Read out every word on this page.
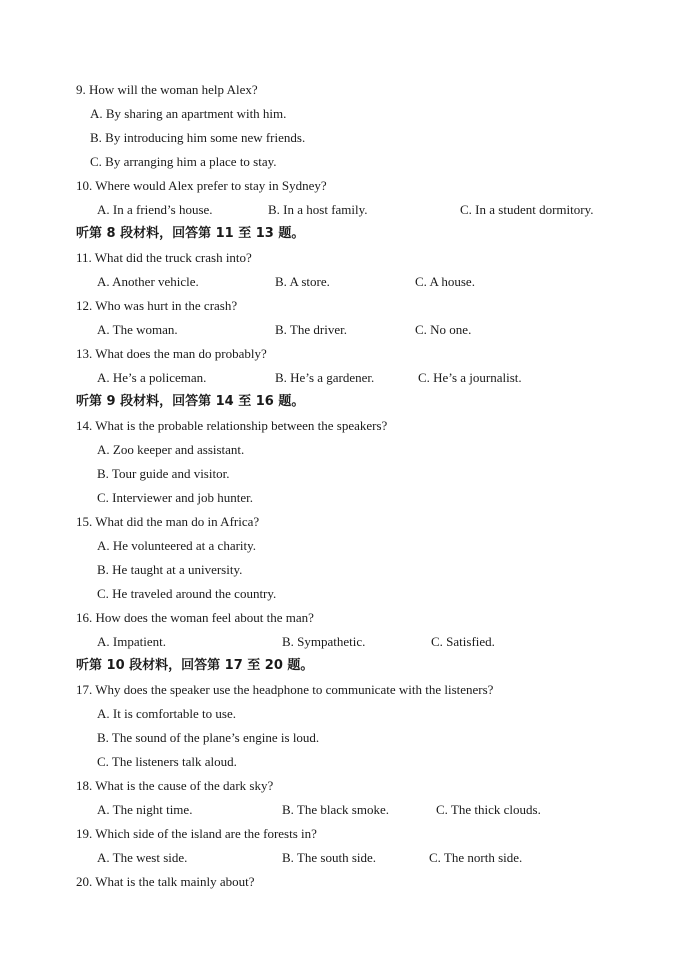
9. How will the woman help Alex?
A. By sharing an apartment with him.
B. By introducing him some new friends.
C. By arranging him a place to stay.
10. Where would Alex prefer to stay in Sydney?
A. In a friend’s house.	B. In a host family.	C. In a student dormitory.
听第 8 段材料，回答第 11 至 13 题。
11. What did the truck crash into?
A. Another vehicle.	B. A store.	C. A house.
12. Who was hurt in the crash?
A. The woman.	B. The driver.	C. No one.
13. What does the man do probably?
A. He’s a policeman.	B. He’s a gardener.	C. He’s a journalist.
听第 9 段材料，回答第 14 至 16 题。
14. What is the probable relationship between the speakers?
A. Zoo keeper and assistant.
B. Tour guide and visitor.
C. Interviewer and job hunter.
15. What did the man do in Africa?
A. He volunteered at a charity.
B. He taught at a university.
C. He traveled around the country.
16. How does the woman feel about the man?
A. Impatient.	B. Sympathetic.	C. Satisfied.
听第 10 段材料，回答第 17 至 20 题。
17. Why does the speaker use the headphone to communicate with the listeners?
A. It is comfortable to use.
B. The sound of the plane’s engine is loud.
C. The listeners talk aloud.
18. What is the cause of the dark sky?
A. The night time.	B. The black smoke.	C. The thick clouds.
19. Which side of the island are the forests in?
A. The west side.	B. The south side.	C. The north side.
20. What is the talk mainly about?
